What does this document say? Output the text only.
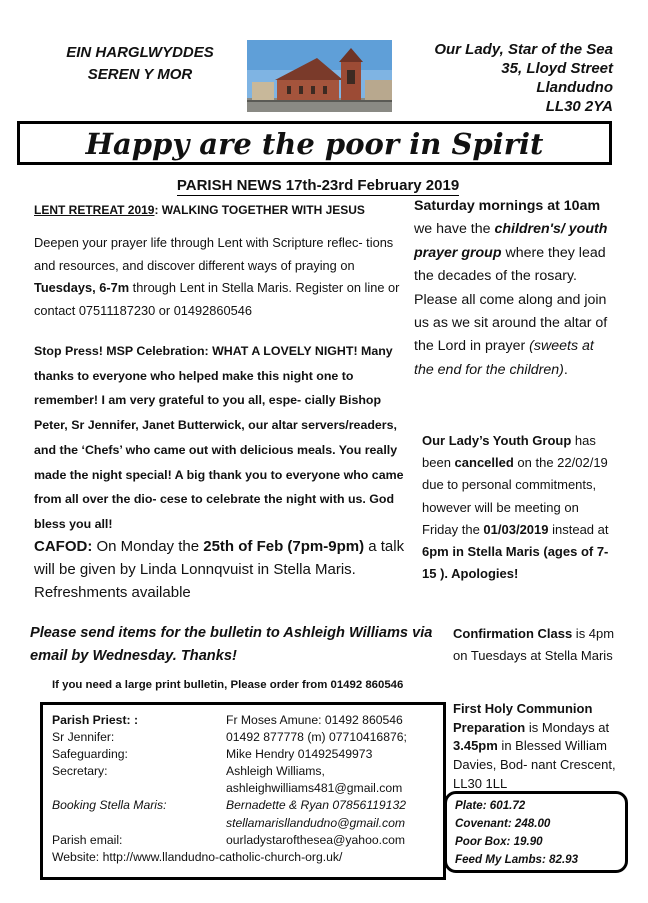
EIN HARGLWYDDES
SEREN Y MOR
Our Lady, Star of the Sea
35, Lloyd Street
Llandudno
LL30 2YA
Happy are the poor in Spirit
PARISH NEWS 17th-23rd February 2019
LENT RETREAT 2019: WALKING TOGETHER WITH JESUS
Deepen your prayer life through Lent with Scripture reflec- tions and resources, and discover different ways of praying on Tuesdays, 6-7m through Lent in Stella Maris. Register on line or contact 07511187230 or 01492860546
Stop Press! MSP Celebration: WHAT A LOVELY NIGHT! Many thanks to everyone who helped make this night one to remember! I am very grateful to you all, espe- cially Bishop Peter, Sr Jennifer, Janet Butterwick, our altar servers/readers, and the ‘Chefs’ who came out with delicious meals. You really made the night special! A big thank you to everyone who came from all over the dio- cese to celebrate the night with us. God bless you all!
CAFOD: On Monday the 25th of Feb (7pm-9pm) a talk will be given by Linda Lonnqvuist in Stella Maris. Refreshments available
Please send items for the bulletin to Ashleigh Williams via email by Wednesday. Thanks!
If you need a large print bulletin, Please order from 01492 860546
Parish Priest: :	Fr Moses Amune: 01492 860546
Sr Jennifer:	01492 877778 (m) 07710416876;
Safeguarding:	Mike Hendry 01492549973
Secretary:	Ashleigh Williams,
	ashleighwilliams481@gmail.com
Booking Stella Maris:	Bernadette & Ryan 07856119132
	stellamarisllandudno@gmail.com
Parish email:	ourladystarofthesea@yahoo.com
Website: http://www.llandudno-catholic-church-org.uk/	
Saturday mornings at 10am we have the children's/ youth prayer group where they lead the decades of the rosary. Please all come along and join us as we sit around the altar of the Lord in prayer (sweets at the end for the children).
Our Lady’s Youth Group has been cancelled on the 22/02/19 due to personal commitments, however will be meeting on Friday the 01/03/2019 instead at 6pm in Stella Maris (ages of 7- 15 ). Apologies!
Confirmation Class is 4pm on Tuesdays at Stella Maris
First Holy Communion Preparation is Mondays at 3.45pm in Blessed William Davies, Bod- nant Crescent, LL30 1LL
Plate: 601.72
Covenant: 248.00
Poor Box: 19.90
Feed My Lambs: 82.93
